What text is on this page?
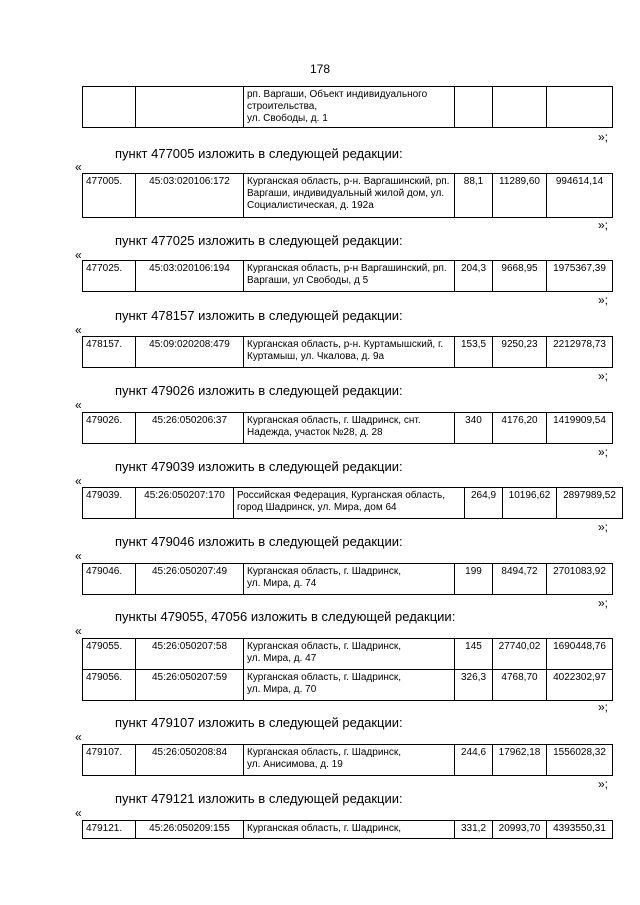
178
		рп. Варгаши, Объект индивидуального строительства,
ул. Свободы, д. 1			
»;
пункт 477005 изложить в следующей редакции:
«
477005.	45:03:020106:172	Курганская область, р-н. Варгашинский, рп. Варгаши, индивидуальный жилой дом, ул. Социалистическая, д. 192а	88,1	11289,60	994614,14
»;
пункт 477025 изложить в следующей редакции:
«
477025.	45:03:020106:194	Курганская область, р-н Варгашинский, рп. Варгаши, ул Свободы, д 5	204,3	9668,95	1975367,39
»;
пункт 478157 изложить в следующей редакции:
«
478157.	45:09:020208:479	Курганская область, р-н. Куртамышский, г. Куртамыш, ул. Чкалова, д. 9а	153,5	9250,23	2212978,73
»;
пункт 479026 изложить в следующей редакции:
«
479026.	45:26:050206:37	Курганская область, г. Шадринск, снт. Надежда, участок №28, д. 28	340	4176,20	1419909,54
»;
пункт 479039 изложить в следующей редакции:
«
479039.	45:26:050207:170	Российская Федерация, Курганская область, город Шадринск, ул. Мира, дом 64	264,9	10196,62	2897989,52
»;
пункт 479046 изложить в следующей редакции:
«
479046.	45:26:050207:49	Курганская область, г. Шадринск,
ул. Мира, д. 74	199	8494,72	2701083,92
»;
пункты 479055, 47056 изложить в следующей редакции:
«
479055.	45:26:050207:58	Курганская область, г. Шадринск,
ул. Мира, д. 47	145	27740,02	1690448,76
479056.	45:26:050207:59	Курганская область, г. Шадринск,
ул. Мира, д. 70	326,3	4768,70	4022302,97
»;
пункт 479107 изложить в следующей редакции:
«
479107.	45:26:050208:84	Курганская область, г. Шадринск,
ул. Анисимова, д. 19	244,6	17962,18	1556028,32
»;
пункт 479121 изложить в следующей редакции:
«
479121.	45:26:050209:155	Курганская область, г. Шадринск,	331,2	20993,70	4393550,31
